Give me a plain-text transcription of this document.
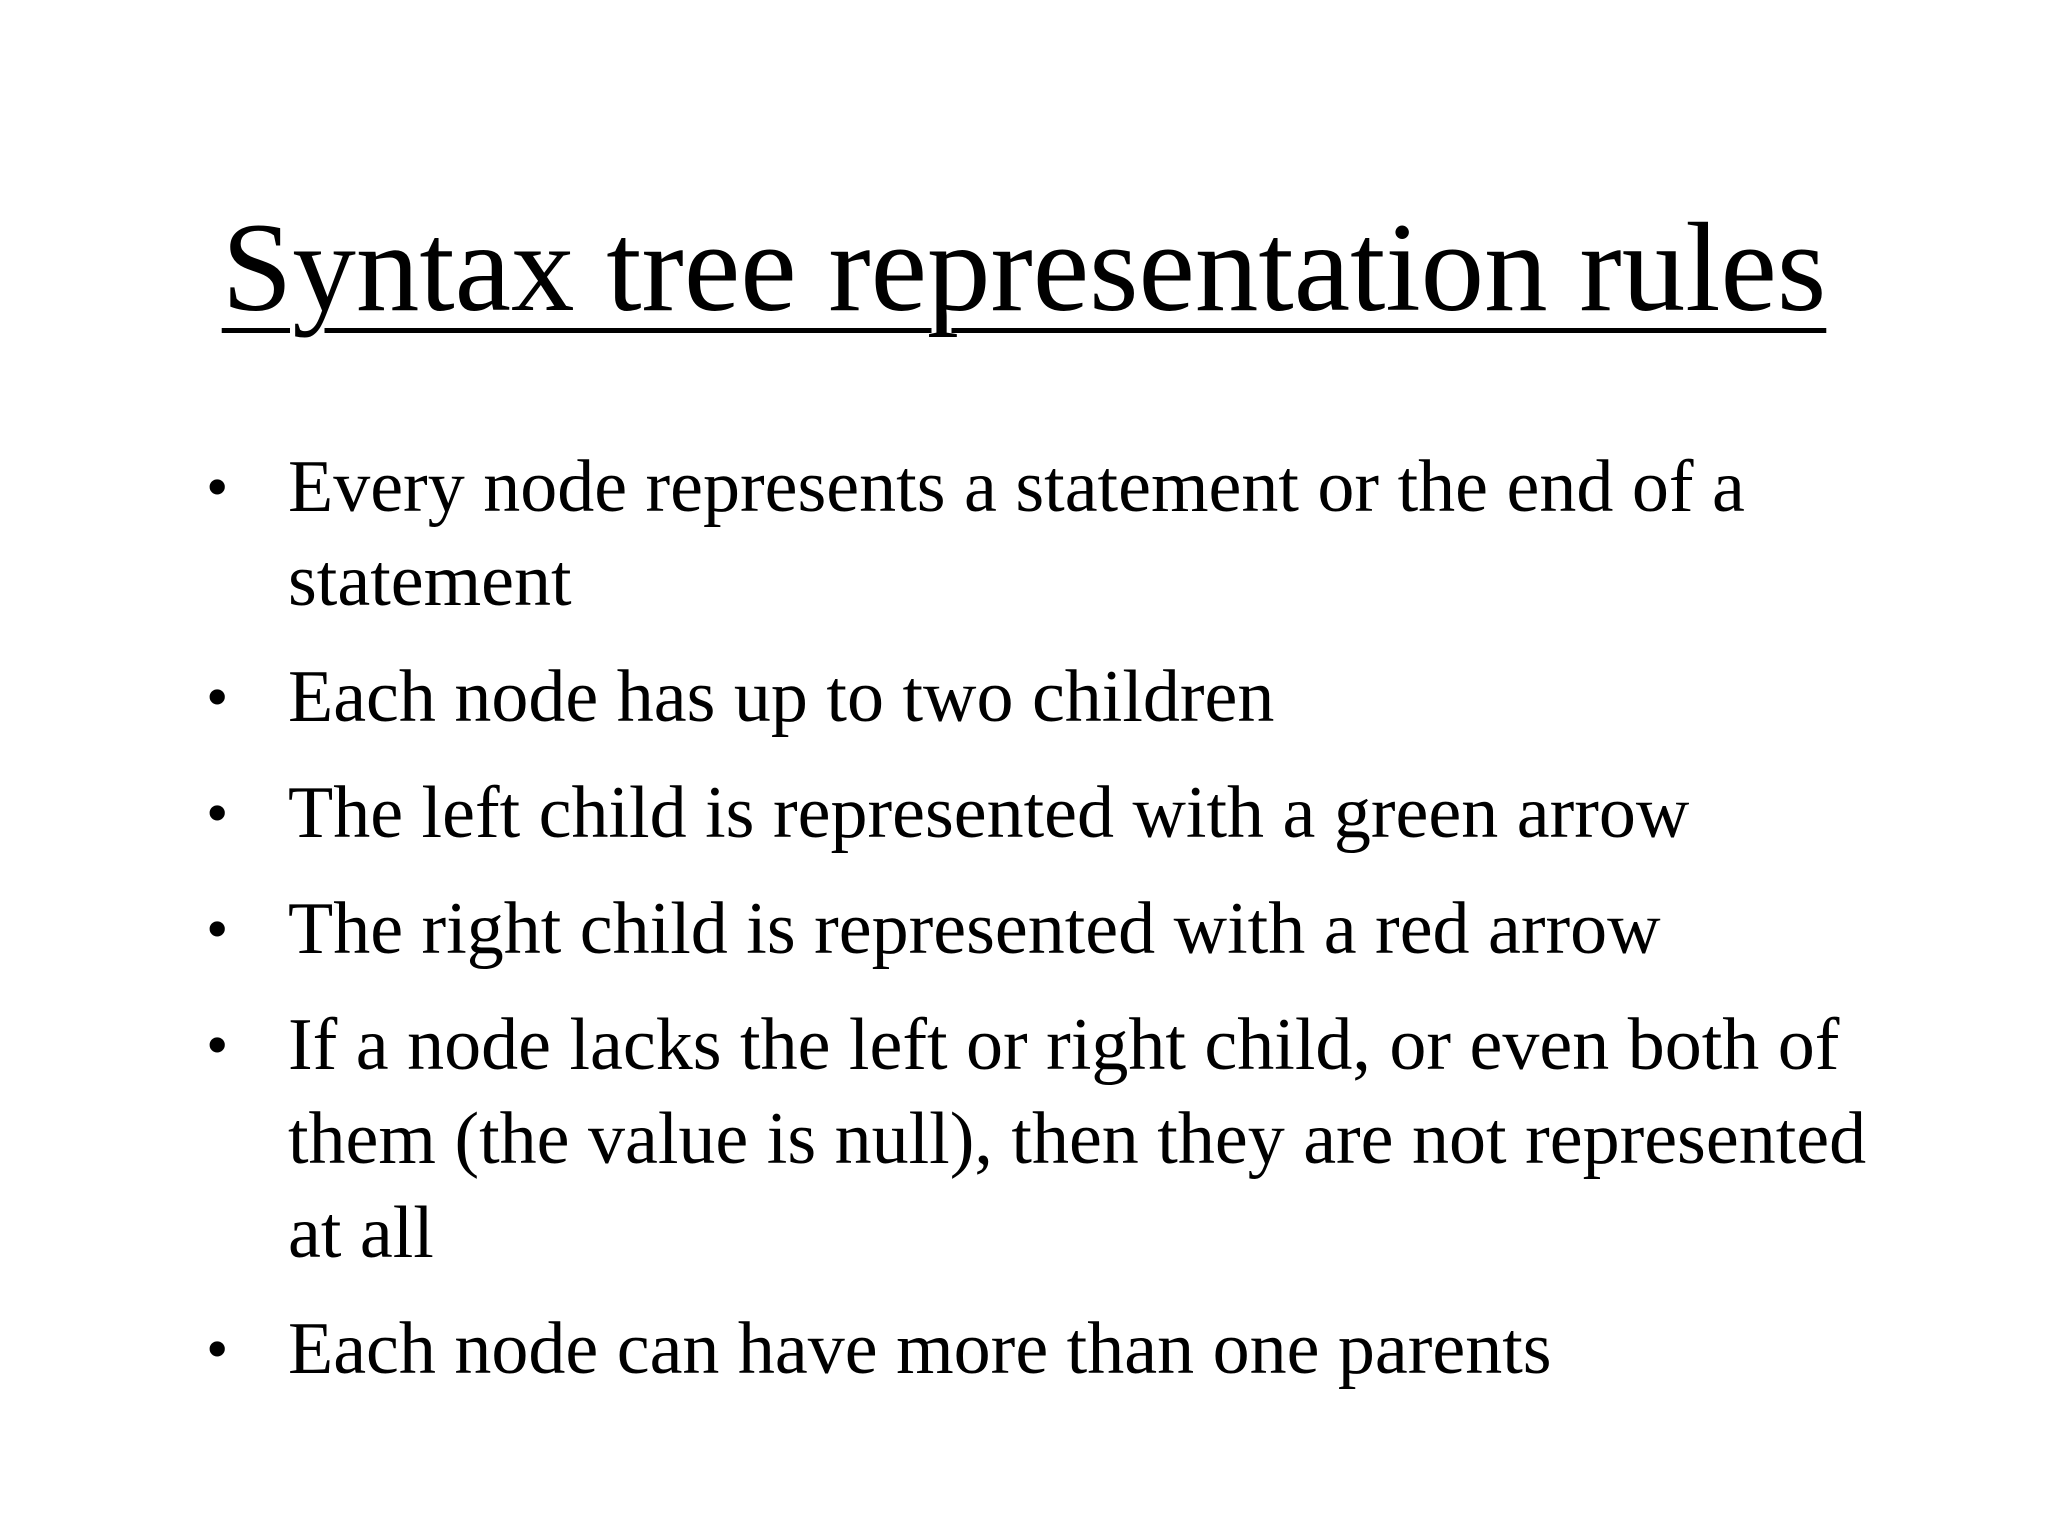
Syntax tree representation rules
• Every node represents a statement or the end of a statement
• Each node has up to two children
• The left child is represented with a green arrow
• The right child is represented with a red arrow
• If a node lacks the left or right child, or even both of them (the value is null), then they are not represented at all
• Each node can have more than one parents
